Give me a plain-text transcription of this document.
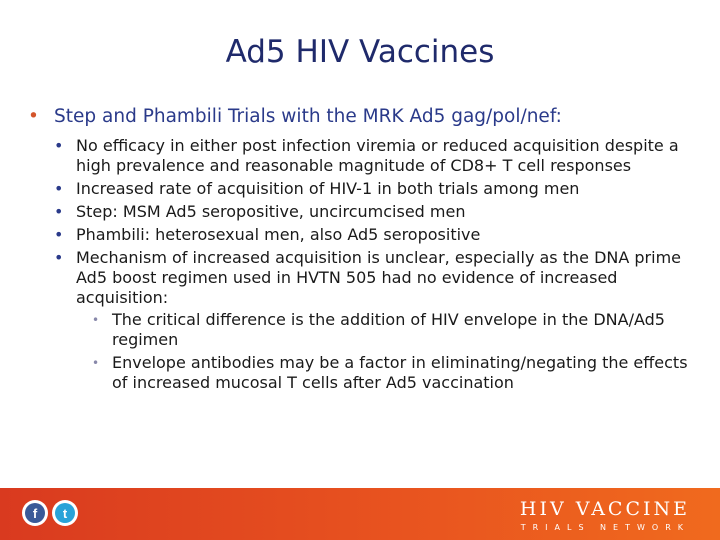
Ad5 HIV Vaccines
• Step and Phambili Trials with the MRK Ad5 gag/pol/nef:
• No efficacy in either post infection viremia or reduced acquisition despite a high prevalence and reasonable magnitude of CD8+ T cell responses
• Increased rate of acquisition of HIV-1 in both trials among men
• Step: MSM Ad5 seropositive, uncircumcised men
• Phambili: heterosexual men, also Ad5 seropositive
• Mechanism of increased acquisition is unclear, especially as the DNA prime Ad5 boost regimen used in HVTN 505 had no evidence of increased acquisition:
• The critical difference is the addition of HIV envelope in the DNA/Ad5 regimen
• Envelope antibodies may be a factor in eliminating/negating the effects of increased mucosal T cells after Ad5 vaccination
f	t	HIV VACCINE
TRIALS NETWORK
